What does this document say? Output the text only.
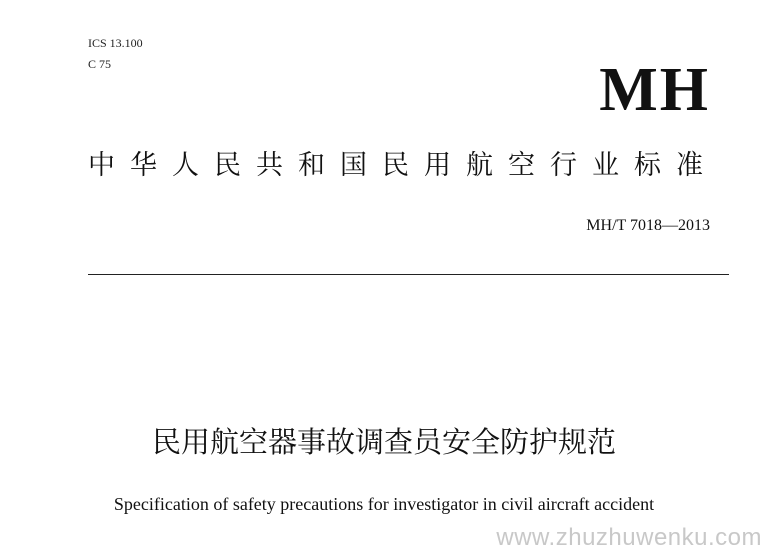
ICS 13.100
C 75	MH
中华人民共和国民用航空行业标准
MH/T 7018—2013
民用航空器事故调查员安全防护规范
Specification of safety precautions for investigator in civil aircraft accident
www.zhuzhuwenku.com
